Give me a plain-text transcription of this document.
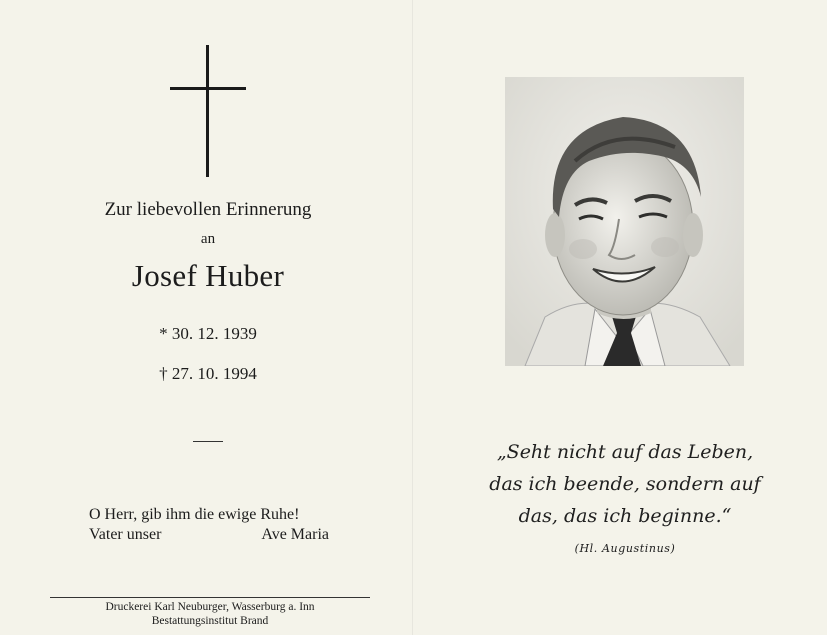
Zur liebevollen Erinnerung
an
Josef Huber
* 30. 12. 1939
† 27. 10. 1994
O Herr, gib ihm die ewige Ruhe!
Vater unser	Ave Maria
Druckerei Karl Neuburger, Wasserburg a. Inn
Bestattungsinstitut Brand
„Seht nicht auf das Leben,
das ich beende, sondern auf
das, das ich beginne.“
(Hl. Augustinus)
